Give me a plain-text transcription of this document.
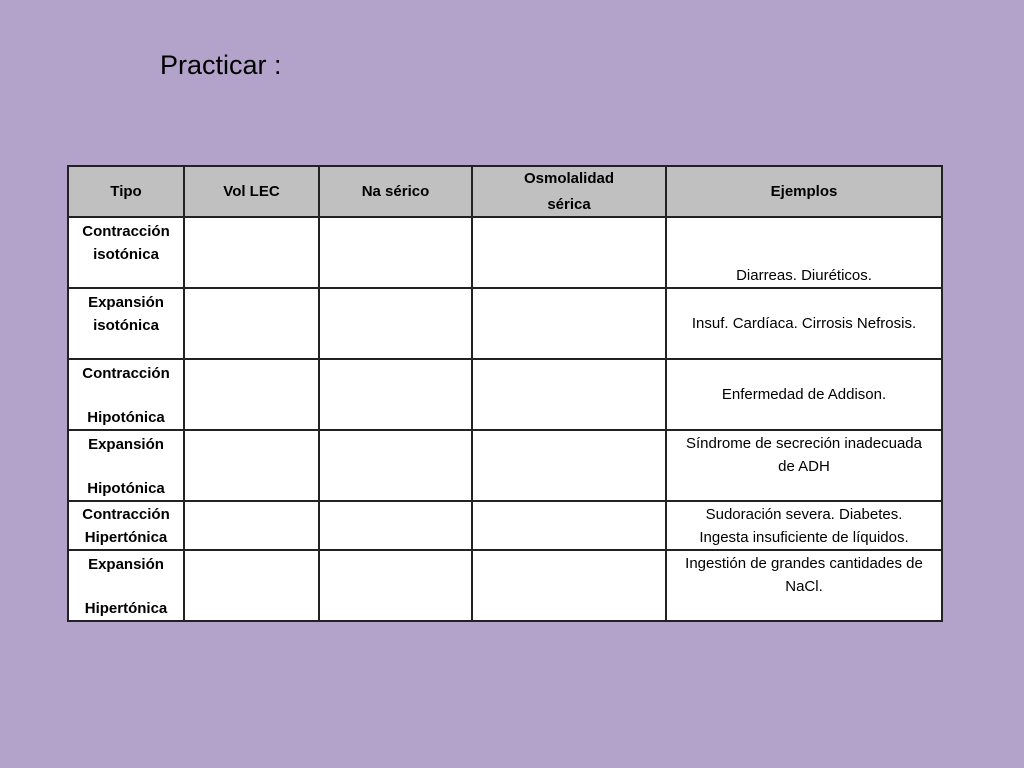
Practicar :
Tipo	Vol LEC	Na sérico	Osmolalidad
sérica	Ejemplos

Contracción
isotónica				Diarreas. Diuréticos.

Expansión
isotónica				Insuf. Cardíaca. Cirrosis Nefrosis.

Contracción
Hipotónica				Enfermedad de Addison.

Expansión
Hipotónica				Síndrome de secreción inadecuada
de ADH

Contracción
Hipertónica				Sudoración severa. Diabetes.
Ingesta insuficiente de líquidos.

Expansión
Hipertónica				Ingestión de grandes cantidades de
NaCl.
